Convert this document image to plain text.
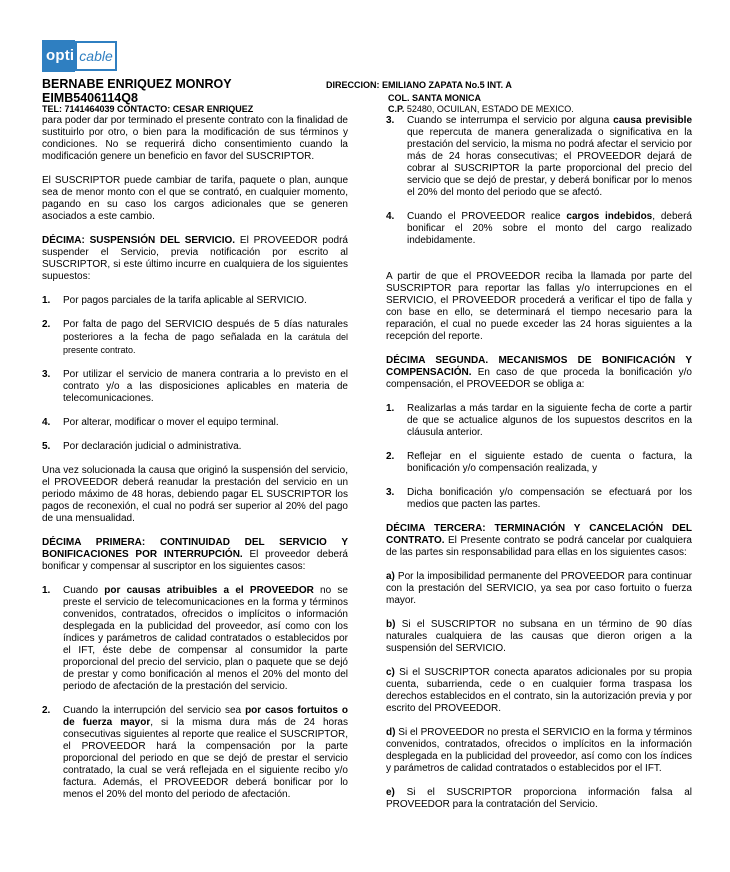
opti cable
BERNABE ENRIQUEZ MONROY
EIMB5406114Q8
TEL: 7141464039 CONTACTO: CESAR ENRIQUEZ
DIRECCION: EMILIANO ZAPATA No.5 INT. A
COL. SANTA MONICA
C.P. 52480, OCUILAN, ESTADO DE MEXICO.

para poder dar por terminado el presente contrato con la finalidad de sustituirlo por otro, o bien para la modificación de sus términos y condiciones. No se requerirá dicho consentimiento cuando la modificación genere un beneficio en favor del SUSCRIPTOR.

El SUSCRIPTOR puede cambiar de tarifa, paquete o plan, aunque sea de menor monto con el que se contrató, en cualquier momento, pagando en su caso los cargos adicionales que se generen asociados a este cambio.

DÉCIMA: SUSPENSIÓN DEL SERVICIO. El PROVEEDOR podrá suspender el Servicio, previa notificación por escrito al SUSCRIPTOR, si este último incurre en cualquiera de los siguientes supuestos:

1.	Por pagos parciales de la tarifa aplicable al SERVICIO.
2.	Por falta de pago del SERVICIO después de 5 días naturales posteriores a la fecha de pago señalada en la carátula del presente contrato.
3.	Por utilizar el servicio de manera contraria a lo previsto en el contrato y/o a las disposiciones aplicables en materia de telecomunicaciones.
4.	Por alterar, modificar o mover el equipo terminal.
5.	Por declaración judicial o administrativa.

Una vez solucionada la causa que originó la suspensión del servicio, el PROVEEDOR deberá reanudar la prestación del servicio en un periodo máximo de 48 horas, debiendo pagar EL SUSCRIPTOR los pagos de reconexión, el cual no podrá ser superior al 20% del pago de una mensualidad.

DÉCIMA PRIMERA: CONTINUIDAD DEL SERVICIO Y BONIFICACIONES POR INTERRUPCIÓN. El proveedor deberá bonificar y compensar al suscriptor en los siguientes casos:

1.	Cuando por causas atribuibles a el PROVEEDOR no se preste el servicio de telecomunicaciones en la forma y términos convenidos, contratados, ofrecidos o implícitos o información desplegada en la publicidad del proveedor, así como con los índices y parámetros de calidad contratados o establecidos por el IFT, éste debe de compensar al consumidor la parte proporcional del precio del servicio, plan o paquete que se dejó de prestar y como bonificación al menos el 20% del monto del periodo de afectación de la prestación del servicio.
2.	Cuando la interrupción del servicio sea por casos fortuitos o de fuerza mayor, si la misma dura más de 24 horas consecutivas siguientes al reporte que realice el SUSCRIPTOR, el PROVEEDOR hará la compensación por la parte proporcional del periodo en que se dejó de prestar el servicio contratado, la cual se verá reflejada en el siguiente recibo y/o factura. Además, el PROVEEDOR deberá bonificar por lo menos el 20% del monto del periodo de afectación.
3.	Cuando se interrumpa el servicio por alguna causa previsible que repercuta de manera generalizada o significativa en la prestación del servicio, la misma no podrá afectar el servicio por más de 24 horas consecutivas; el PROVEEDOR dejará de cobrar al SUSCRIPTOR la parte proporcional del precio del servicio que se dejó de prestar, y deberá bonificar por lo menos el 20% del monto del periodo que se afectó.
4.	Cuando el PROVEEDOR realice cargos indebidos, deberá bonificar el 20% sobre el monto del cargo realizado indebidamente.

A partir de que el PROVEEDOR reciba la llamada por parte del SUSCRIPTOR para reportar las fallas y/o interrupciones en el SERVICIO, el PROVEEDOR procederá a verificar el tipo de falla y con base en ello, se determinará el tiempo necesario para la reparación, el cual no puede exceder las 24 horas siguientes a la recepción del reporte.

DÉCIMA SEGUNDA. MECANISMOS DE BONIFICACIÓN Y COMPENSACIÓN. En caso de que proceda la bonificación y/o compensación, el PROVEEDOR se obliga a:

1.	Realizarlas a más tardar en la siguiente fecha de corte a partir de que se actualice algunos de los supuestos descritos en la cláusula anterior.
2.	Reflejar en el siguiente estado de cuenta o factura, la bonificación y/o compensación realizada, y
3.	Dicha bonificación y/o compensación se efectuará por los medios que pacten las partes.

DÉCIMA TERCERA: TERMINACIÓN Y CANCELACIÓN DEL CONTRATO. El Presente contrato se podrá cancelar por cualquiera de las partes sin responsabilidad para ellas en los siguientes casos:

a) Por la imposibilidad permanente del PROVEEDOR para continuar con la prestación del SERVICIO, ya sea por caso fortuito o fuerza mayor.

b) Si el SUSCRIPTOR no subsana en un término de 90 días naturales cualquiera de las causas que dieron origen a la suspensión del SERVICIO.

c) Si el SUSCRIPTOR conecta aparatos adicionales por su propia cuenta, subarrienda, cede o en cualquier forma traspasa los derechos establecidos en el contrato, sin la autorización previa y por escrito del PROVEEDOR.

d) Si el PROVEEDOR no presta el SERVICIO en la forma y términos convenidos, contratados, ofrecidos o implícitos en la información desplegada en la publicidad del proveedor, así como con los índices y parámetros de calidad contratados o establecidos por el IFT.

e) Si el SUSCRIPTOR proporciona información falsa al PROVEEDOR para la contratación del Servicio.
